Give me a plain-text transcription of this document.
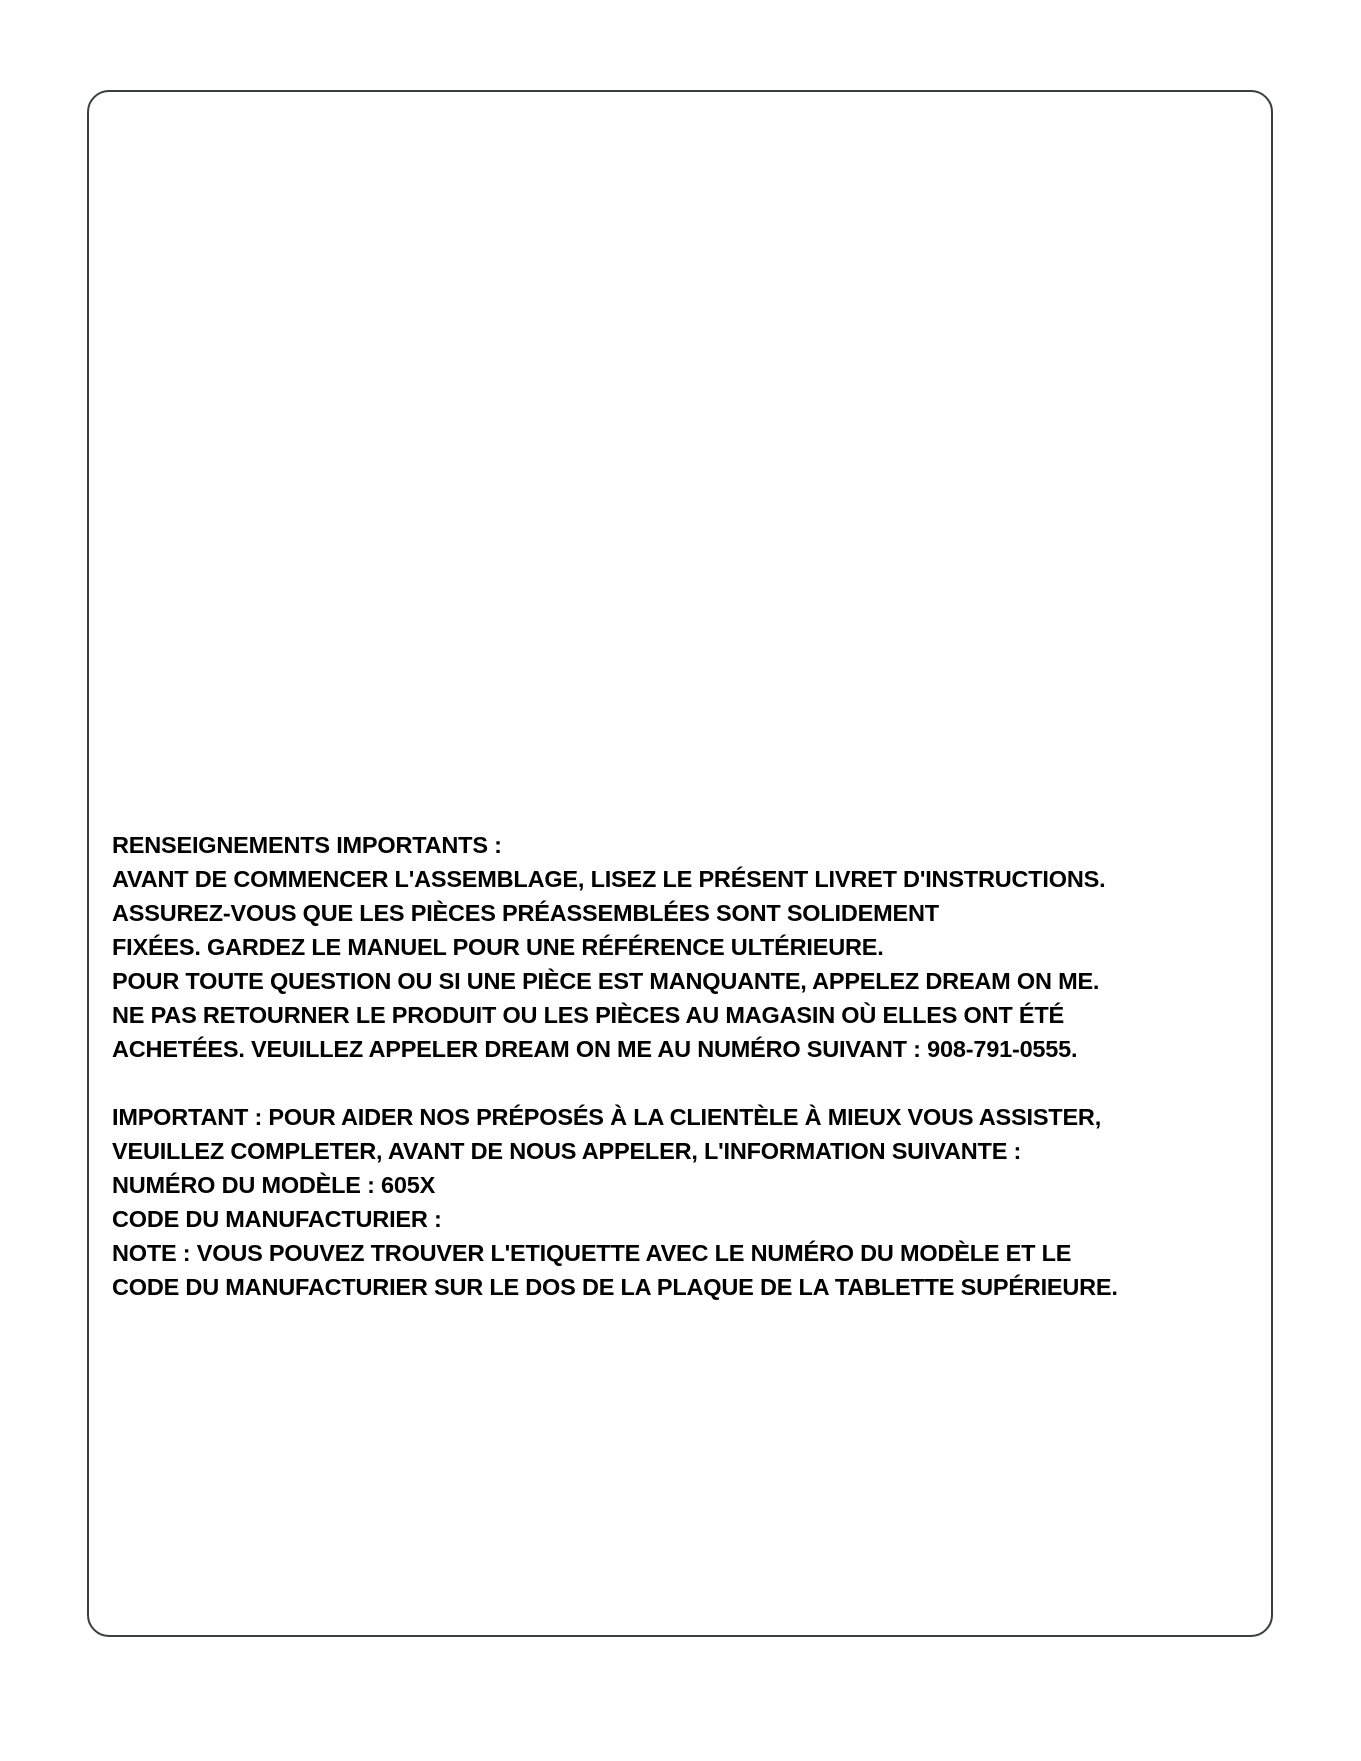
RENSEIGNEMENTS IMPORTANTS :
AVANT DE COMMENCER L'ASSEMBLAGE, LISEZ LE PRÉSENT LIVRET D'INSTRUCTIONS.
ASSUREZ-VOUS QUE LES PIÈCES PRÉASSEMBLÉES SONT SOLIDEMENT
FIXÉES. GARDEZ LE MANUEL POUR UNE RÉFÉRENCE ULTÉRIEURE.
POUR TOUTE QUESTION OU SI UNE PIÈCE EST MANQUANTE, APPELEZ DREAM ON ME.
NE PAS RETOURNER LE PRODUIT OU LES PIÈCES AU MAGASIN OÙ ELLES ONT ÉTÉ
ACHETÉES. VEUILLEZ APPELER DREAM ON ME AU NUMÉRO SUIVANT : 908-791-0555.
IMPORTANT : POUR AIDER NOS PRÉPOSÉS À LA CLIENTÈLE À MIEUX VOUS ASSISTER,
VEUILLEZ COMPLETER, AVANT DE NOUS APPELER, L'INFORMATION SUIVANTE :
NUMÉRO DU MODÈLE : 605X
CODE DU MANUFACTURIER :
NOTE : VOUS POUVEZ TROUVER L'ETIQUETTE AVEC LE NUMÉRO DU MODÈLE ET LE
CODE DU MANUFACTURIER SUR LE DOS DE LA PLAQUE DE LA TABLETTE SUPÉRIEURE.
